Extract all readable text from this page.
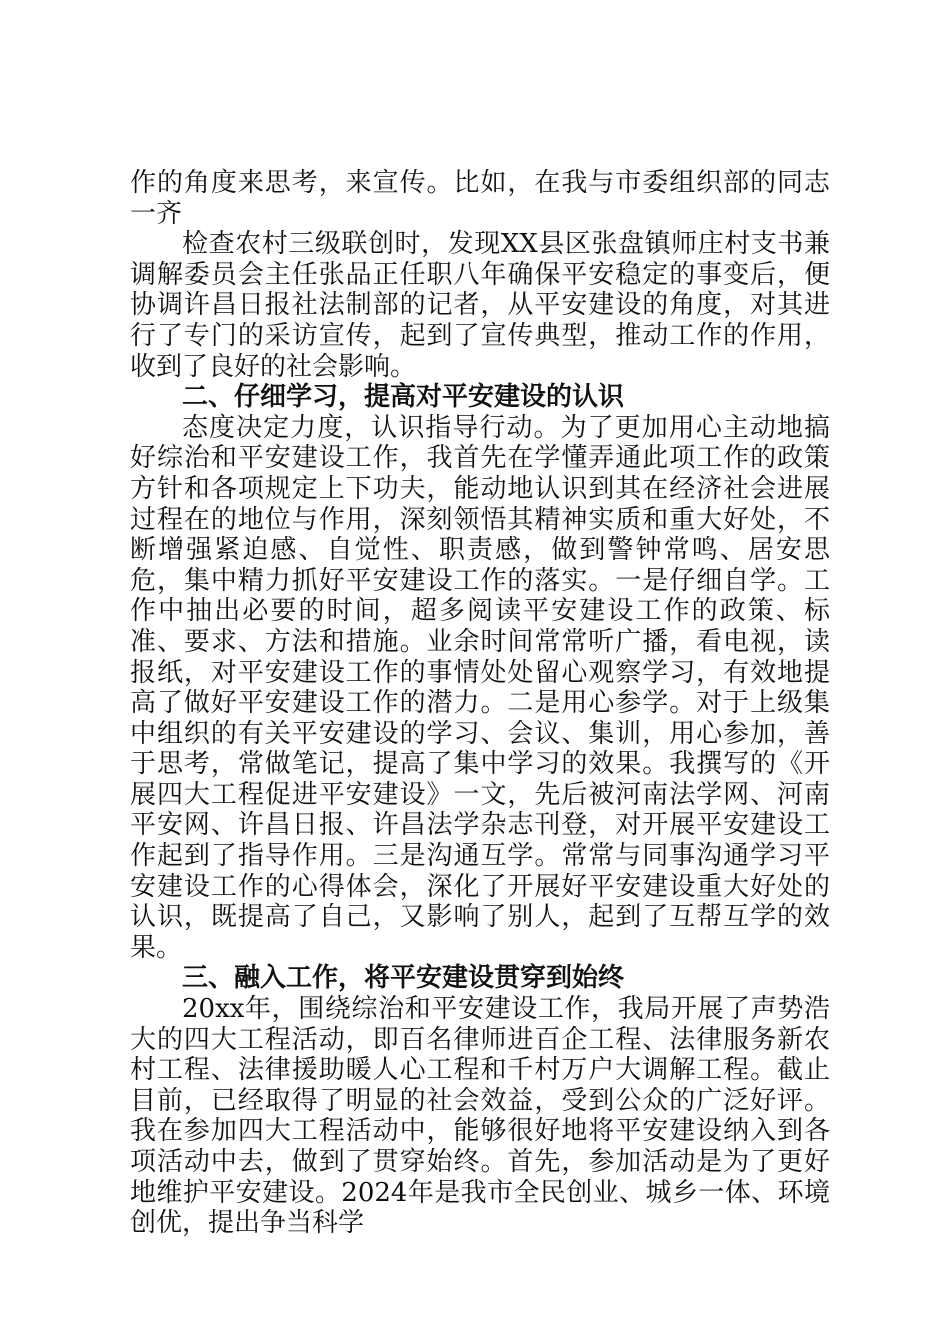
作的角度来思考，来宣传。比如，在我与市委组织部的同志一齐

检查农村三级联创时，发现XX县区张盘镇师庄村支书兼调解委员会主任张品正任职八年确保平安稳定的事变后，便协调许昌日报社法制部的记者，从平安建设的角度，对其进行了专门的采访宣传，起到了宣传典型，推动工作的作用，收到了良好的社会影响。

二、仔细学习，提高对平安建设的认识

态度决定力度，认识指导行动。为了更加用心主动地搞好综治和平安建设工作，我首先在学懂弄通此项工作的政策方针和各项规定上下功夫，能动地认识到其在经济社会进展过程在的地位与作用，深刻领悟其精神实质和重大好处，不断增强紧迫感、自觉性、职责感，做到警钟常鸣、居安思危，集中精力抓好平安建设工作的落实。一是仔细自学。工作中抽出必要的时间，超多阅读平安建设工作的政策、标准、要求、方法和措施。业余时间常常听广播，看电视，读报纸，对平安建设工作的事情处处留心观察学习，有效地提高了做好平安建设工作的潜力。二是用心参学。对于上级集中组织的有关平安建设的学习、会议、集训，用心参加，善于思考，常做笔记，提高了集中学习的效果。我撰写的《开展四大工程促进平安建设》一文，先后被河南法学网、河南平安网、许昌日报、许昌法学杂志刊登，对开展平安建设工作起到了指导作用。三是沟通互学。常常与同事沟通学习平安建设工作的心得体会，深化了开展好平安建设重大好处的认识，既提高了自己，又影响了别人，起到了互帮互学的效果。

三、融入工作，将平安建设贯穿到始终

20xx年，围绕综治和平安建设工作，我局开展了声势浩大的四大工程活动，即百名律师进百企工程、法律服务新农村工程、法律援助暖人心工程和千村万户大调解工程。截止目前，已经取得了明显的社会效益，受到公众的广泛好评。我在参加四大工程活动中，能够很好地将平安建设纳入到各项活动中去，做到了贯穿始终。首先，参加活动是为了更好地维护平安建设。2024年是我市全民创业、城乡一体、环境创优，提出争当科学
